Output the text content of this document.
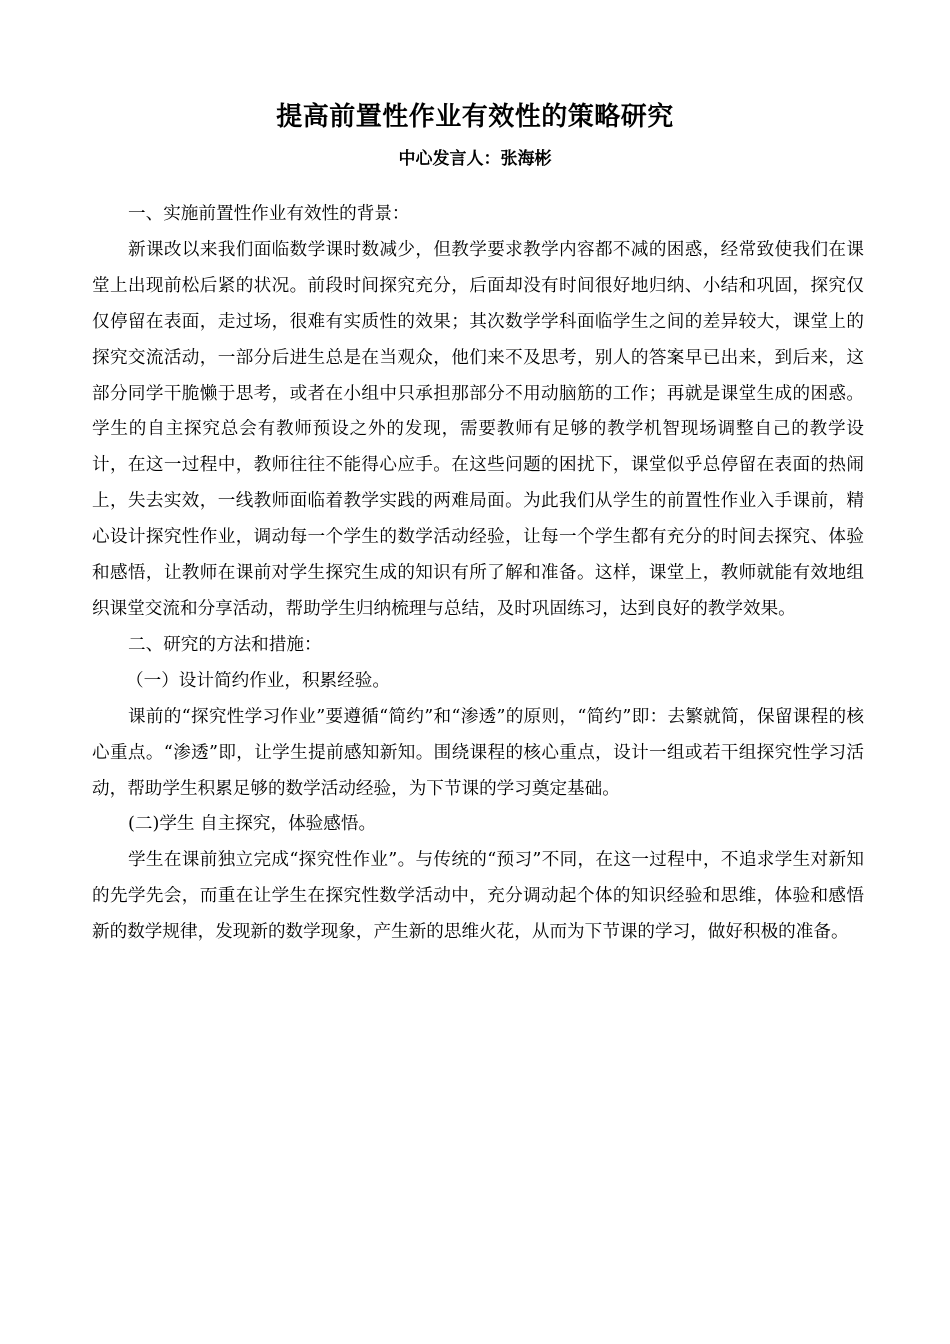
提高前置性作业有效性的策略研究
中心发言人：张海彬

一、实施前置性作业有效性的背景：

新课改以来我们面临数学课时数减少，但教学要求教学内容都不减的困惑，经常致使我们在课堂上出现前松后紧的状况。前段时间探究充分，后面却没有时间很好地归纳、小结和巩固，探究仅仅停留在表面，走过场，很难有实质性的效果；其次数学学科面临学生之间的差异较大，课堂上的探究交流活动，一部分后进生总是在当观众，他们来不及思考，别人的答案早已出来，到后来，这部分同学干脆懒于思考，或者在小组中只承担那部分不用动脑筋的工作；再就是课堂生成的困惑。学生的自主探究总会有教师预设之外的发现，需要教师有足够的教学机智现场调整自己的教学设计，在这一过程中，教师往往不能得心应手。在这些问题的困扰下，课堂似乎总停留在表面的热闹上，失去实效，一线教师面临着教学实践的两难局面。为此我们从学生的前置性作业入手课前，精心设计探究性作业，调动每一个学生的数学活动经验，让每一个学生都有充分的时间去探究、体验和感悟，让教师在课前对学生探究生成的知识有所了解和准备。这样，课堂上，教师就能有效地组织课堂交流和分享活动，帮助学生归纳梳理与总结，及时巩固练习，达到良好的教学效果。

二、研究的方法和措施：

（一）设计简约作业，积累经验。

课前的“探究性学习作业”要遵循“简约”和“渗透”的原则，“简约”即：去繁就简，保留课程的核心重点。“渗透”即，让学生提前感知新知。围绕课程的核心重点，设计一组或若干组探究性学习活动，帮助学生积累足够的数学活动经验，为下节课的学习奠定基础。

(二)学生 自主探究，体验感悟。

学生在课前独立完成“探究性作业”。与传统的“预习”不同，在这一过程中，不追求学生对新知的先学先会，而重在让学生在探究性数学活动中，充分调动起个体的知识经验和思维，体验和感悟新的数学规律，发现新的数学现象，产生新的思维火花，从而为下节课的学习，做好积极的准备。
